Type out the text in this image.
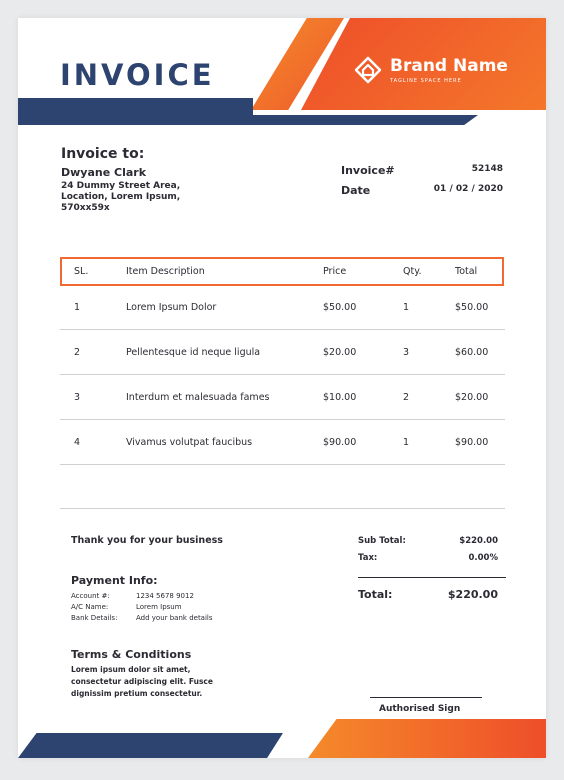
INVOICE	Brand Name
TAGLINE SPACE HERE
Invoice to:
Dwyane Clark
24 Dummy Street Area,
Location, Lorem Ipsum,
570xx59x
Invoice#	52148
Date	01 / 02 / 2020
SL.	Item Description	Price	Qty.	Total
1	Lorem Ipsum Dolor	$50.00	1	$50.00
2	Pellentesque id neque ligula	$20.00	3	$60.00
3	Interdum et malesuada fames	$10.00	2	$20.00
4	Vivamus volutpat faucibus	$90.00	1	$90.00
Thank you for your business
Payment Info:
Account #:	1234 5678 9012
A/C Name:	Lorem Ipsum
Bank Details:	Add your bank details
Terms & Conditions
Lorem ipsum dolor sit amet,
consectetur adipiscing elit. Fusce
dignissim pretium consectetur.
Sub Total:	$220.00
Tax:	0.00%
Total:	$220.00
Authorised Sign
